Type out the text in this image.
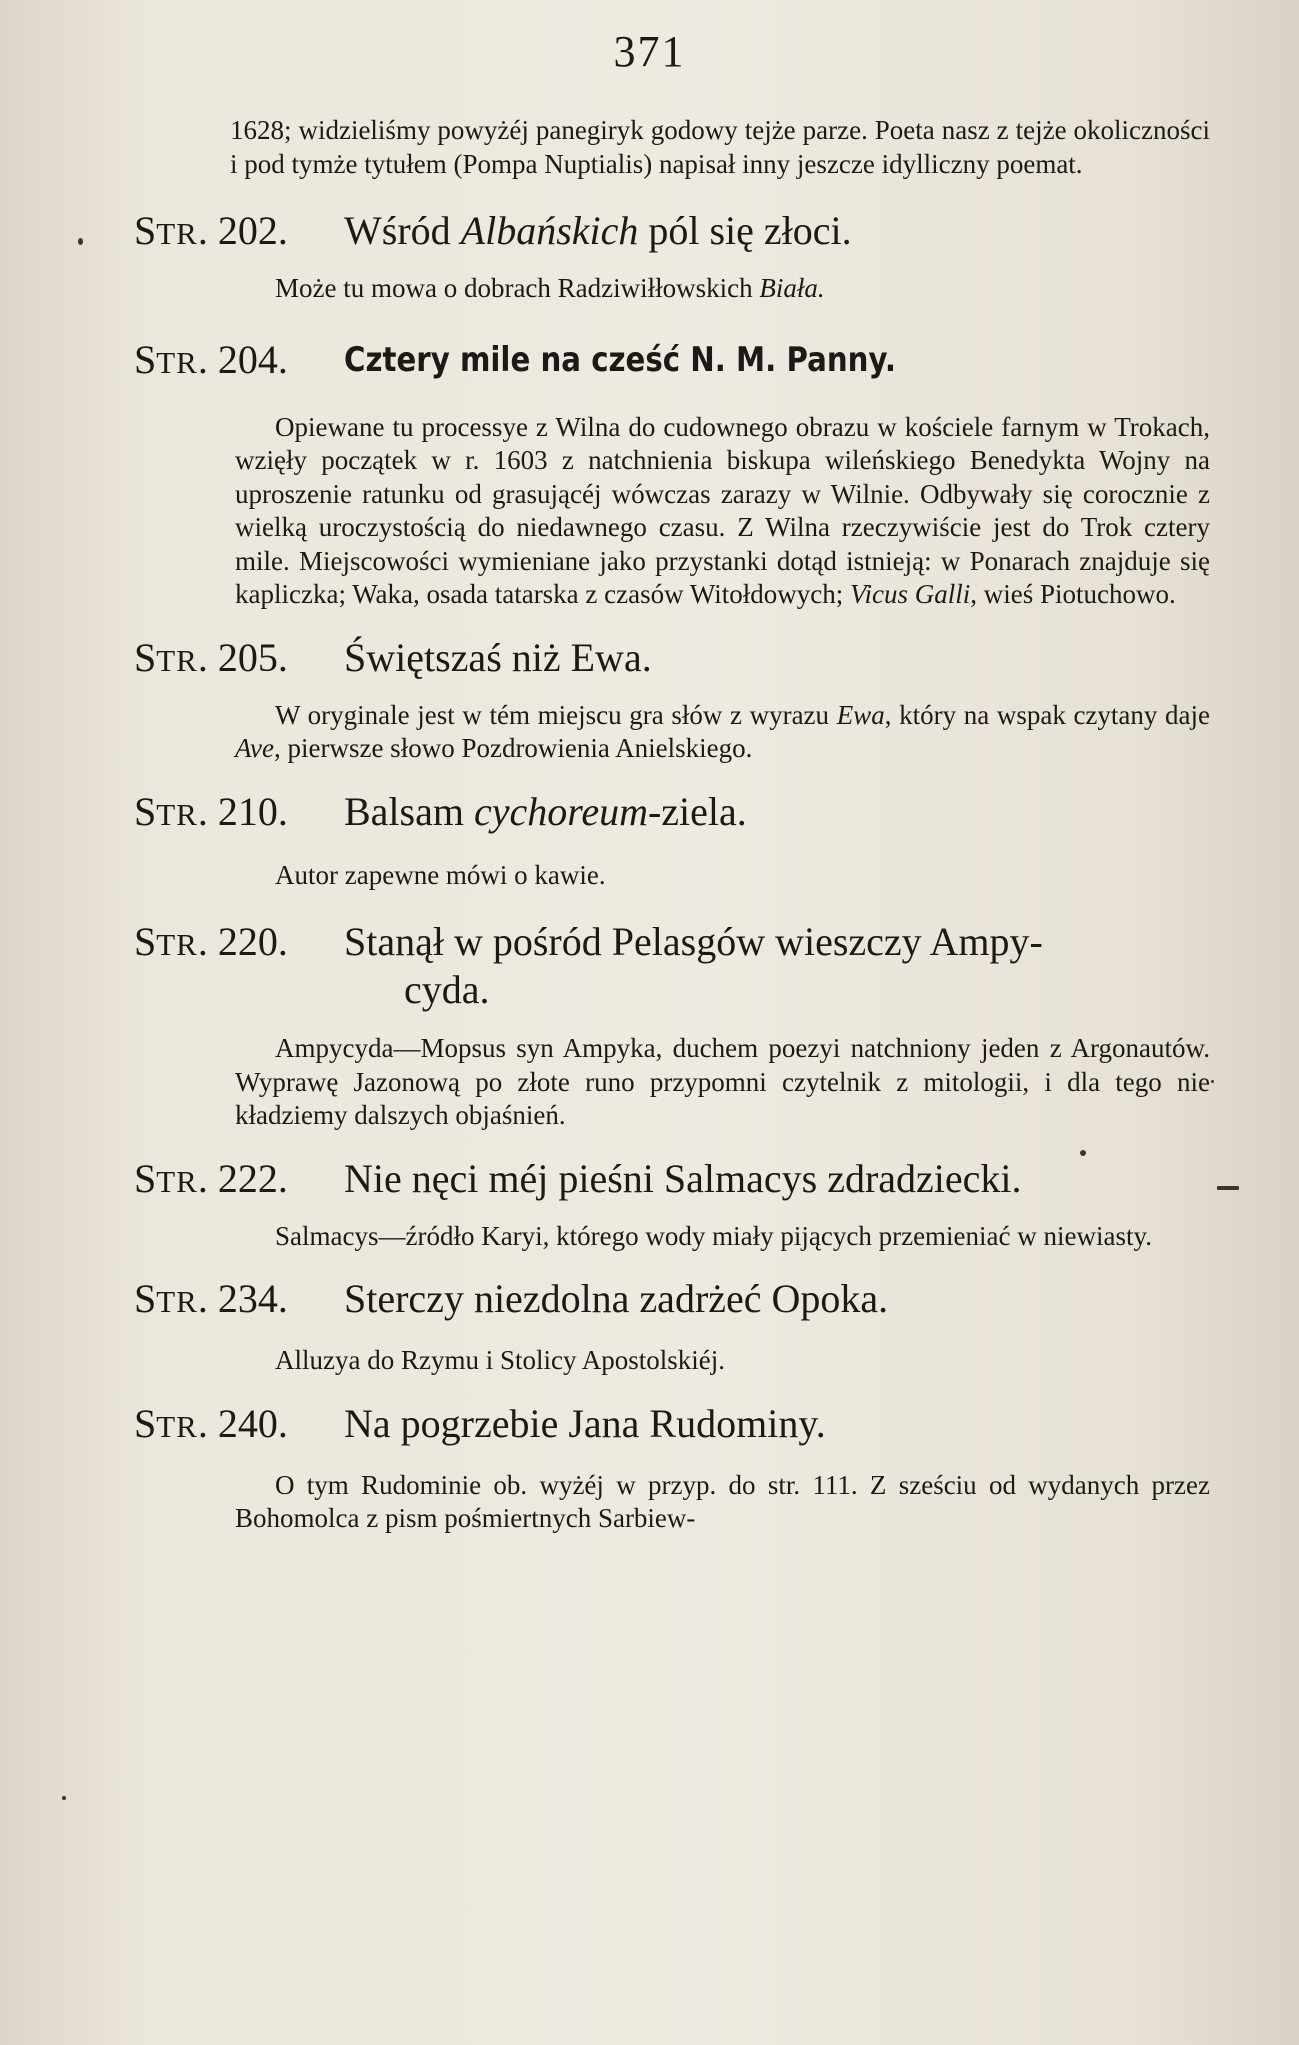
371
1628; widzieliśmy powyżéj panegiryk godowy tejże parze. Poeta nasz z tejże okoliczności i pod tymże tytułem (Pompa Nuptialis) napisał inny jeszcze idylliczny poemat.
STR. 202.	Wśród Albańskich pól się złoci.
Może tu mowa o dobrach Radziwiłłowskich Biała.
STR. 204.	Cztery mile na cześć N. M. Panny.
Opiewane tu processye z Wilna do cudownego obrazu w kościele farnym w Trokach, wzięły początek w r. 1603 z natchnienia biskupa wileńskiego Benedykta Wojny na uproszenie ratunku od grasującéj wówczas zarazy w Wilnie. Odbywały się corocznie z wielką uroczystością do niedawnego czasu. Z Wilna rzeczywiście jest do Trok cztery mile. Miejscowości wymieniane jako przystanki dotąd istnieją: w Ponarach znajduje się kapliczka; Waka, osada tatarska z czasów Witołdowych; Vicus Galli, wieś Piotuchowo.
STR. 205.	Świętszaś niż Ewa.
W oryginale jest w tém miejscu gra słów z wyrazu Ewa, który na wspak czytany daje Ave, pierwsze słowo Pozdrowienia Anielskiego.
STR. 210.	Balsam cychoreum-ziela.
Autor zapewne mówi o kawie.
STR. 220.	Stanął w pośród Pelasgów wieszczy Ampy-
cyda.
Ampycyda—Mopsus syn Ampyka, duchem poezyi natchniony jeden z Argonautów. Wyprawę Jazonową po złote runo przypomni czytelnik z mitologii, i dla tego nie kładziemy dalszych objaśnień.
STR. 222.	Nie nęci méj pieśni Salmacys zdradziecki.
Salmacys—źródło Karyi, którego wody miały pijących przemieniać w niewiasty.
STR. 234.	Sterczy niezdolna zadrżeć Opoka.
Alluzya do Rzymu i Stolicy Apostolskiéj.
STR. 240.	Na pogrzebie Jana Rudominy.
O tym Rudominie ob. wyżéj w przyp. do str. 111. Z sześciu od wydanych przez Bohomolca z pism pośmiertnych Sarbiew-
